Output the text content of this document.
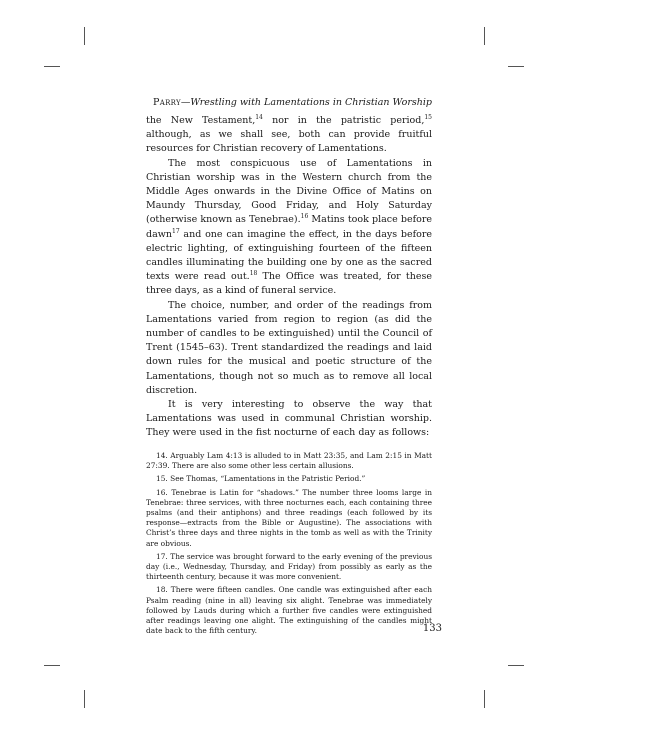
Parry—Wrestling with Lamentations in Christian Worship

the New Testament,$^{14}$ nor in the patristic period,$^{15}$ although, as we shall see, both can provide fruitful resources for Christian recovery of Lamentations.

The most conspicuous use of Lamentations in Christian worship was in the Western church from the Middle Ages onwards in the Divine Office of Matins on Maundy Thursday, Good Friday, and Holy Saturday (otherwise known as Tenebrae).$^{16}$ Matins took place before dawn$^{17}$ and one can imagine the effect, in the days before electric lighting, of extinguishing fourteen of the fifteen candles illuminating the building one by one as the sacred texts were read out.$^{18}$ The Office was treated, for these three days, as a kind of funeral service.

The choice, number, and order of the readings from Lamentations varied from region to region (as did the number of candles to be extinguished) until the Council of Trent (1545–63). Trent standardized the readings and laid down rules for the musical and poetic structure of the Lamentations, though not so much as to remove all local discretion.

It is very interesting to observe the way that Lamentations was used in communal Christian worship. They were used in the fist nocturne of each day as follows:

14. Arguably Lam 4:13 is alluded to in Matt 23:35, and Lam 2:15 in Matt 27:39. There are also some other less certain allusions.

15. See Thomas, “Lamentations in the Patristic Period.”

16. Tenebrae is Latin for “shadows.” The number three looms large in Tenebrae: three services, with three nocturnes each, each containing three psalms (and their antiphons) and three readings (each followed by its response—extracts from the Bible or Augustine). The associations with Christ’s three days and three nights in the tomb as well as with the Trinity are obvious.

17. The service was brought forward to the early evening of the previous day (i.e., Wednesday, Thursday, and Friday) from possibly as early as the thirteenth century, because it was more convenient.

18. There were fifteen candles. One candle was extinguished after each Psalm reading (nine in all) leaving six alight. Tenebrae was immediately followed by Lauds during which a further five candles were extinguished after readings leaving one alight. The extinguishing of the candles might date back to the fifth century.	133
